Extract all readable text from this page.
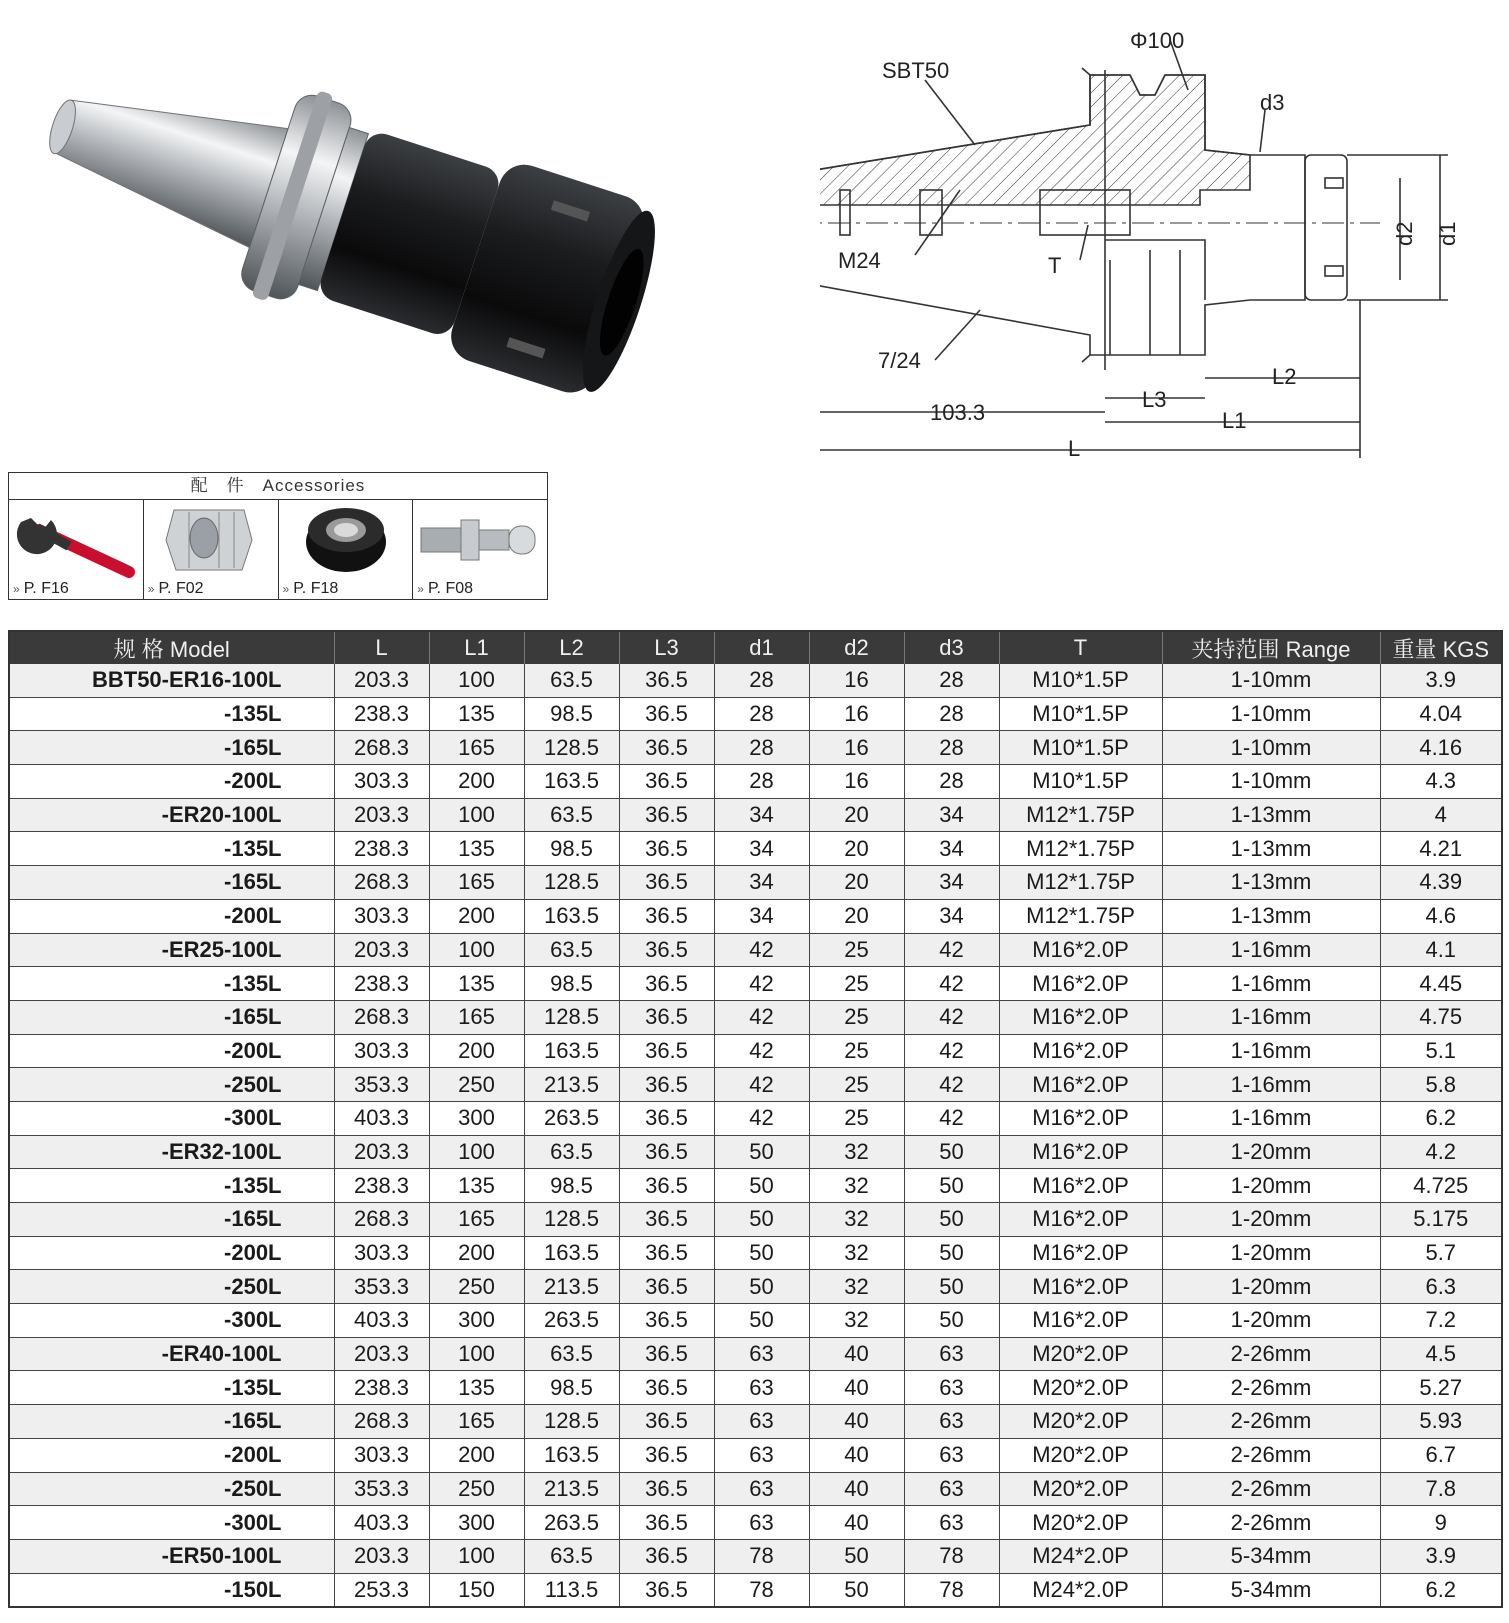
SBT50
Φ100
d3
M24	T
7/24
L2
L3
103.3	L1
L
d2 d1
配　件　Accessories
» P. F16	» P. F02	» P. F18	» P. F08
规 格 Model	L	L1	L2	L3	d1	d2	d3	T	夹持范围 Range	重量 KGS
BBT50-ER16-100L	203.3	100	63.5	36.5	28	16	28	M10*1.5P	1-10mm	3.9
-135L	238.3	135	98.5	36.5	28	16	28	M10*1.5P	1-10mm	4.04
-165L	268.3	165	128.5	36.5	28	16	28	M10*1.5P	1-10mm	4.16
-200L	303.3	200	163.5	36.5	28	16	28	M10*1.5P	1-10mm	4.3
-ER20-100L	203.3	100	63.5	36.5	34	20	34	M12*1.75P	1-13mm	4
-135L	238.3	135	98.5	36.5	34	20	34	M12*1.75P	1-13mm	4.21
-165L	268.3	165	128.5	36.5	34	20	34	M12*1.75P	1-13mm	4.39
-200L	303.3	200	163.5	36.5	34	20	34	M12*1.75P	1-13mm	4.6
-ER25-100L	203.3	100	63.5	36.5	42	25	42	M16*2.0P	1-16mm	4.1
-135L	238.3	135	98.5	36.5	42	25	42	M16*2.0P	1-16mm	4.45
-165L	268.3	165	128.5	36.5	42	25	42	M16*2.0P	1-16mm	4.75
-200L	303.3	200	163.5	36.5	42	25	42	M16*2.0P	1-16mm	5.1
-250L	353.3	250	213.5	36.5	42	25	42	M16*2.0P	1-16mm	5.8
-300L	403.3	300	263.5	36.5	42	25	42	M16*2.0P	1-16mm	6.2
-ER32-100L	203.3	100	63.5	36.5	50	32	50	M16*2.0P	1-20mm	4.2
-135L	238.3	135	98.5	36.5	50	32	50	M16*2.0P	1-20mm	4.725
-165L	268.3	165	128.5	36.5	50	32	50	M16*2.0P	1-20mm	5.175
-200L	303.3	200	163.5	36.5	50	32	50	M16*2.0P	1-20mm	5.7
-250L	353.3	250	213.5	36.5	50	32	50	M16*2.0P	1-20mm	6.3
-300L	403.3	300	263.5	36.5	50	32	50	M16*2.0P	1-20mm	7.2
-ER40-100L	203.3	100	63.5	36.5	63	40	63	M20*2.0P	2-26mm	4.5
-135L	238.3	135	98.5	36.5	63	40	63	M20*2.0P	2-26mm	5.27
-165L	268.3	165	128.5	36.5	63	40	63	M20*2.0P	2-26mm	5.93
-200L	303.3	200	163.5	36.5	63	40	63	M20*2.0P	2-26mm	6.7
-250L	353.3	250	213.5	36.5	63	40	63	M20*2.0P	2-26mm	7.8
-300L	403.3	300	263.5	36.5	63	40	63	M20*2.0P	2-26mm	9
-ER50-100L	203.3	100	63.5	36.5	78	50	78	M24*2.0P	5-34mm	3.9
-150L	253.3	150	113.5	36.5	78	50	78	M24*2.0P	5-34mm	6.2
